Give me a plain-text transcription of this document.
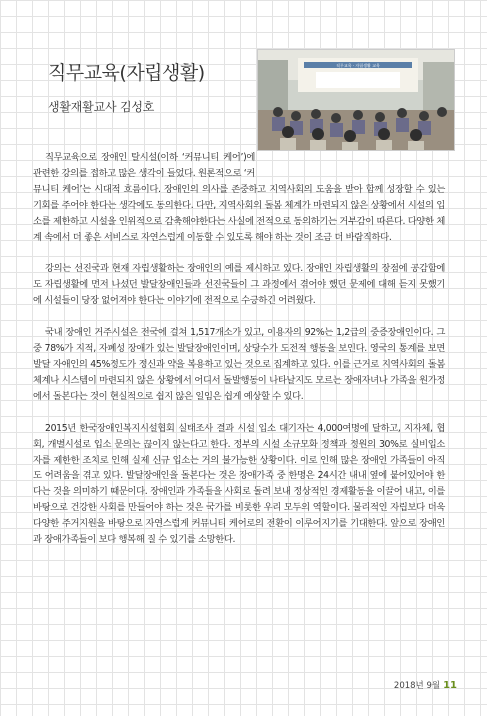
직무교육(자립생활)
생활재활교사 김성호
직무교육 · 자립생활 교육

직무교육으로 장애인 탈시설(이하 ‘커뮤니티 케어’)에 관련한 강의를 접하고 많은 생각이 들었다. 원론적으로 ‘커뮤니티 케어’는 시대적 흐름이다. 장애인의 의사를 존중하고 지역사회의 도움을 받아 함께 성장할 수 있는 기회를 주어야 한다는 생각에도 동의한다. 다만, 지역사회의 돌봄 체계가 마련되지 않은 상황에서 시설의 입소를 제한하고 시설을 인위적으로 감축해야한다는 사실에 전적으로 동의하기는 거부감이 따른다. 다양한 체계 속에서 더 좋은 서비스로 자연스럽게 이동할 수 있도록 해야 하는 것이 조금 더 바람직하다.

강의는 선진국과 현재 자립생활하는 장애인의 예를 제시하고 있다. 장애인 자립생활의 장점에 공감함에도 자립생활에 먼저 나섰던 발달장애인들과 선진국들이 그 과정에서 겪어야 했던 문제에 대해 듣지 못했기에 시설들이 당장 없어져야 한다는 이야기에 전적으로 수긍하긴 어려웠다.

국내 장애인 거주시설은 전국에 걸쳐 1,517개소가 있고, 이용자의 92%는 1,2급의 중증장애인이다. 그중 78%가 지적, 자폐성 장애가 있는 발달장애인이며, 상당수가 도전적 행동을 보인다. 영국의 통계를 보면 발달 자애인의 45%정도가 정신과 약을 복용하고 있는 것으로 집계하고 있다. 이를 근거로 지역사회의 돌봄 체계나 시스템이 마련되지 않은 상황에서 어디서 돌발행동이 나타날지도 모르는 장애자녀나 가족을 원가정에서 돌본다는 것이 현실적으로 쉽지 않은 일임은 쉽게 예상할 수 있다.

2015년 한국장애인복지시설협회 실태조사 결과 시설 입소 대기자는 4,000여명에 달하고, 지자체, 협회, 개별시설로 입소 문의는 끊이지 않는다고 한다. 정부의 시설 소규모화 정책과 정원의 30%로 실비입소자를 제한한 조치로 인해 실제 신규 입소는 거의 불가능한 상황이다. 이로 인해 많은 장애인 가족들이 아직도 어려움을 겪고 있다. 발달장애인을 돌본다는 것은 장애가족 중 한명은 24시간 내내 옆에 붙어있어야 한다는 것을 의미하기 때문이다. 장애인과 가족들을 사회로 돌려 보내 정상적인 경제활동을 이끌어 내고, 이를 바탕으로 건강한 사회를 만들어야 하는 것은 국가를 비롯한 우리 모두의 역할이다. 물리적인 자립보다 더욱 다양한 주거지원을 바탕으로 자연스럽게 커뮤니티 케어로의 전환이 이루어지기를 기대한다. 앞으로 장애인과 장애가족들이 보다 행복해 질 수 있기를 소망한다.

2018년 9월 11
